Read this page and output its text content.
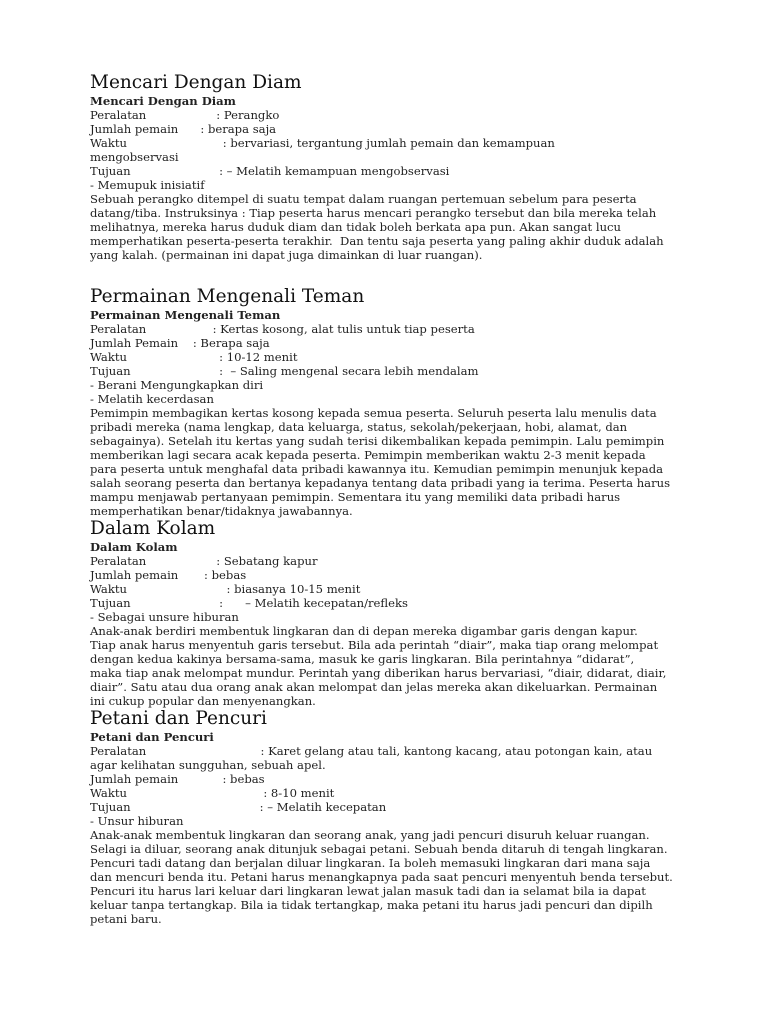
Mencari Dengan Diam

Mencari Dengan Diam

Peralatan                   : Perangko

Jumlah pemain      : berapa saja

Waktu                          : bervariasi, tergantung jumlah pemain dan kemampuan

mengobservasi

Tujuan                        : – Melatih kemampuan mengobservasi

- Memupuk inisiatif

Sebuah perangko ditempel di suatu tempat dalam ruangan pertemuan sebelum para peserta

datang/tiba. Instruksinya : Tiap peserta harus mencari perangko tersebut dan bila mereka telah

melihatnya, mereka harus duduk diam dan tidak boleh berkata apa pun. Akan sangat lucu

memperhatikan peserta-peserta terakhir.  Dan tentu saja peserta yang paling akhir duduk adalah

yang kalah. (permainan ini dapat juga dimainkan di luar ruangan).

Permainan Mengenali Teman

Permainan Mengenali Teman

Peralatan                  : Kertas kosong, alat tulis untuk tiap peserta

Jumlah Pemain    : Berapa saja

Waktu                         : 10-12 menit

Tujuan                        :  – Saling mengenal secara lebih mendalam

- Berani Mengungkapkan diri

- Melatih kecerdasan

Pemimpin membagikan kertas kosong kepada semua peserta. Seluruh peserta lalu menulis data

pribadi mereka (nama lengkap, data keluarga, status, sekolah/pekerjaan, hobi, alamat, dan

sebagainya). Setelah itu kertas yang sudah terisi dikembalikan kepada pemimpin. Lalu pemimpin

memberikan lagi secara acak kepada peserta. Pemimpin memberikan waktu 2-3 menit kepada

para peserta untuk menghafal data pribadi kawannya itu. Kemudian pemimpin menunjuk kepada

salah seorang peserta dan bertanya kepadanya tentang data pribadi yang ia terima. Peserta harus

mampu menjawab pertanyaan pemimpin. Sementara itu yang memiliki data pribadi harus

memperhatikan benar/tidaknya jawabannya.

Dalam Kolam

Dalam Kolam

Peralatan                   : Sebatang kapur

Jumlah pemain       : bebas

Waktu                           : biasanya 10-15 menit

Tujuan                        :      – Melatih kecepatan/refleks

- Sebagai unsure hiburan

Anak-anak berdiri membentuk lingkaran dan di depan mereka digambar garis dengan kapur.

Tiap anak harus menyentuh garis tersebut. Bila ada perintah “diair”, maka tiap orang melompat

dengan kedua kakinya bersama-sama, masuk ke garis lingkaran. Bila perintahnya “didarat”,

maka tiap anak melompat mundur. Perintah yang diberikan harus bervariasi, “diair, didarat, diair,

diair”. Satu atau dua orang anak akan melompat dan jelas mereka akan dikeluarkan. Permainan

ini cukup popular dan menyenangkan.

Petani dan Pencuri

Petani dan Pencuri

Peralatan                               : Karet gelang atau tali, kantong kacang, atau potongan kain, atau

agar kelihatan sungguhan, sebuah apel.

Jumlah pemain            : bebas

Waktu                                     : 8-10 menit

Tujuan                                   : – Melatih kecepatan

- Unsur hiburan

Anak-anak membentuk lingkaran dan seorang anak, yang jadi pencuri disuruh keluar ruangan.

Selagi ia diluar, seorang anak ditunjuk sebagai petani. Sebuah benda ditaruh di tengah lingkaran.

Pencuri tadi datang dan berjalan diluar lingkaran. Ia boleh memasuki lingkaran dari mana saja

dan mencuri benda itu. Petani harus menangkapnya pada saat pencuri menyentuh benda tersebut.

Pencuri itu harus lari keluar dari lingkaran lewat jalan masuk tadi dan ia selamat bila ia dapat

keluar tanpa tertangkap. Bila ia tidak tertangkap, maka petani itu harus jadi pencuri dan dipilh

petani baru.
